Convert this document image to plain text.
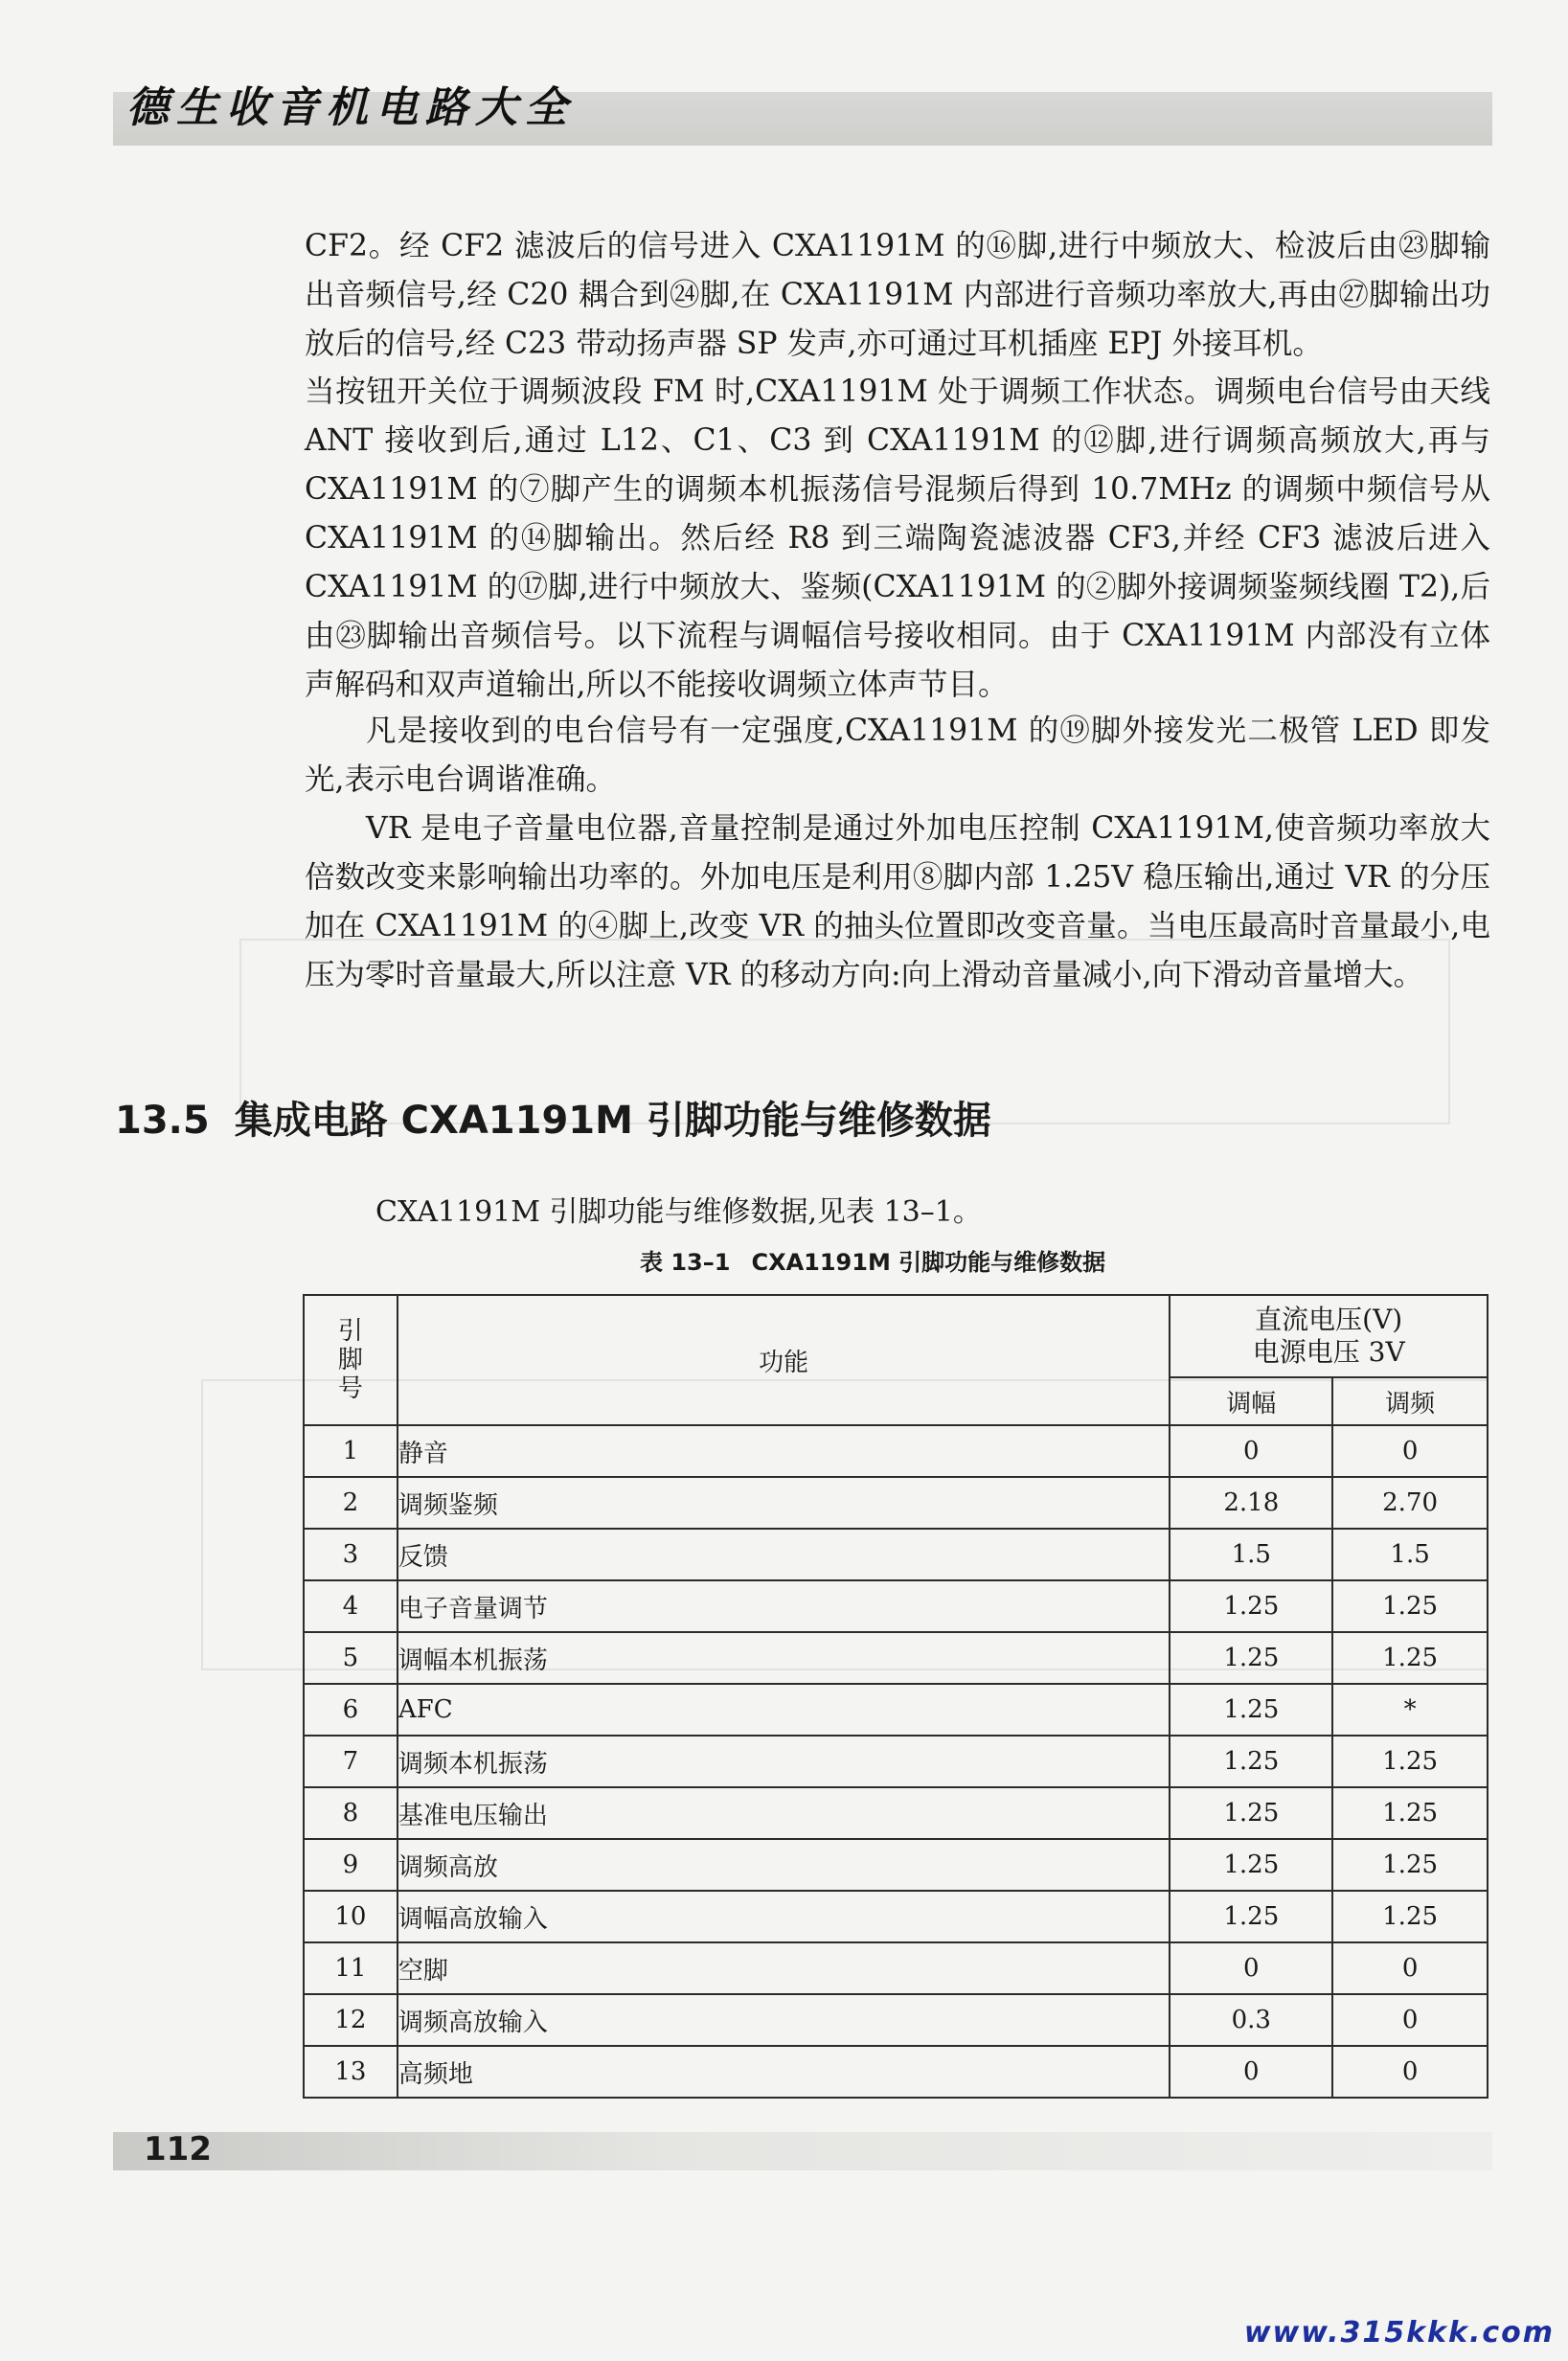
德生收音机电路大全

CF2。经 CF2 滤波后的信号进入 CXA1191M 的⑯脚,进行中频放大、检波后由㉓脚输出音频信号,经 C20 耦合到㉔脚,在 CXA1191M 内部进行音频功率放大,再由㉗脚输出功放后的信号,经 C23 带动扬声器 SP 发声,亦可通过耳机插座 EPJ 外接耳机。

当按钮开关位于调频波段 FM 时,CXA1191M 处于调频工作状态。调频电台信号由天线 ANT 接收到后,通过 L12、C1、C3 到 CXA1191M 的⑫脚,进行调频高频放大,再与 CXA1191M 的⑦脚产生的调频本机振荡信号混频后得到 10.7MHz 的调频中频信号从 CXA1191M 的⑭脚输出。然后经 R8 到三端陶瓷滤波器 CF3,并经 CF3 滤波后进入 CXA1191M 的⑰脚,进行中频放大、鉴频(CXA1191M 的②脚外接调频鉴频线圈 T2),后由㉓脚输出音频信号。以下流程与调幅信号接收相同。由于 CXA1191M 内部没有立体声解码和双声道输出,所以不能接收调频立体声节目。

凡是接收到的电台信号有一定强度,CXA1191M 的⑲脚外接发光二极管 LED 即发光,表示电台调谐准确。

VR 是电子音量电位器,音量控制是通过外加电压控制 CXA1191M,使音频功率放大倍数改变来影响输出功率的。外加电压是利用⑧脚内部 1.25V 稳压输出,通过 VR 的分压加在 CXA1191M 的④脚上,改变 VR 的抽头位置即改变音量。当电压最高时音量最小,电压为零时音量最大,所以注意 VR 的移动方向:向上滑动音量减小,向下滑动音量增大。

13.5 集成电路 CXA1191M 引脚功能与维修数据
CXA1191M 引脚功能与维修数据,见表 13–1。
表 13–1 CXA1191M 引脚功能与维修数据
引
脚
号	功能	直流电压(V)
电源电压 3V	

		调幅	调频
1	静音	0	0
2	调频鉴频	2.18	2.70
3	反馈	1.5	1.5
4	电子音量调节	1.25	1.25
5	调幅本机振荡	1.25	1.25
6	AFC	1.25	*
7	调频本机振荡	1.25	1.25
8	基准电压输出	1.25	1.25
9	调频高放	1.25	1.25
10	调幅高放输入	1.25	1.25
11	空脚	0	0
12	调频高放输入	0.3	0
13	高频地	0	0
112
www.315kkk.com
